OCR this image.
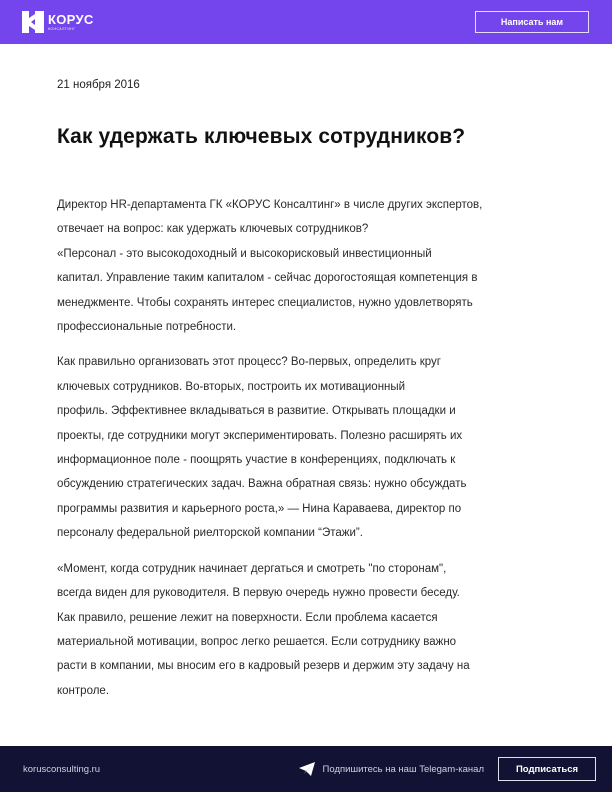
КОРУС
КОНСАЛТИНГ
Написать нам
21 ноября 2016
Как удержать ключевых сотрудников?

Директор HR-департамента ГК «КОРУС Консалтинг» в числе других экспертов,
отвечает на вопрос: как удержать ключевых сотрудников?
«Персонал - это высокодоходный и высокорисковый инвестиционный
капитал. Управление таким капиталом - сейчас дорогостоящая компетенция в
менеджменте. Чтобы сохранять интерес специалистов, нужно удовлетворять
профессиональные потребности.

Как правильно организовать этот процесс? Во-первых, определить круг
ключевых сотрудников. Во-вторых, построить их мотивационный
профиль. Эффективнее вкладываться в развитие. Открывать площадки и
проекты, где сотрудники могут экспериментировать. Полезно расширять их
информационное поле - поощрять участие в конференциях, подключать к
обсуждению стратегических задач. Важна обратная связь: нужно обсуждать
программы развития и карьерного роста,» — Нина Караваева, директор по
персоналу федеральной риелторской компании “Этажи”.

«Момент, когда сотрудник начинает дергаться и смотреть "по сторонам",
всегда виден для руководителя. В первую очередь нужно провести беседу.
Как правило, решение лежит на поверхности. Если проблема касается
материальной мотивации, вопрос легко решается. Если сотруднику важно
расти в компании, мы вносим его в кадровый резерв и держим эту задачу на
контроле.

korusconsulting.ru	Подпишитесь на наш Telegam-канал	Подписаться
